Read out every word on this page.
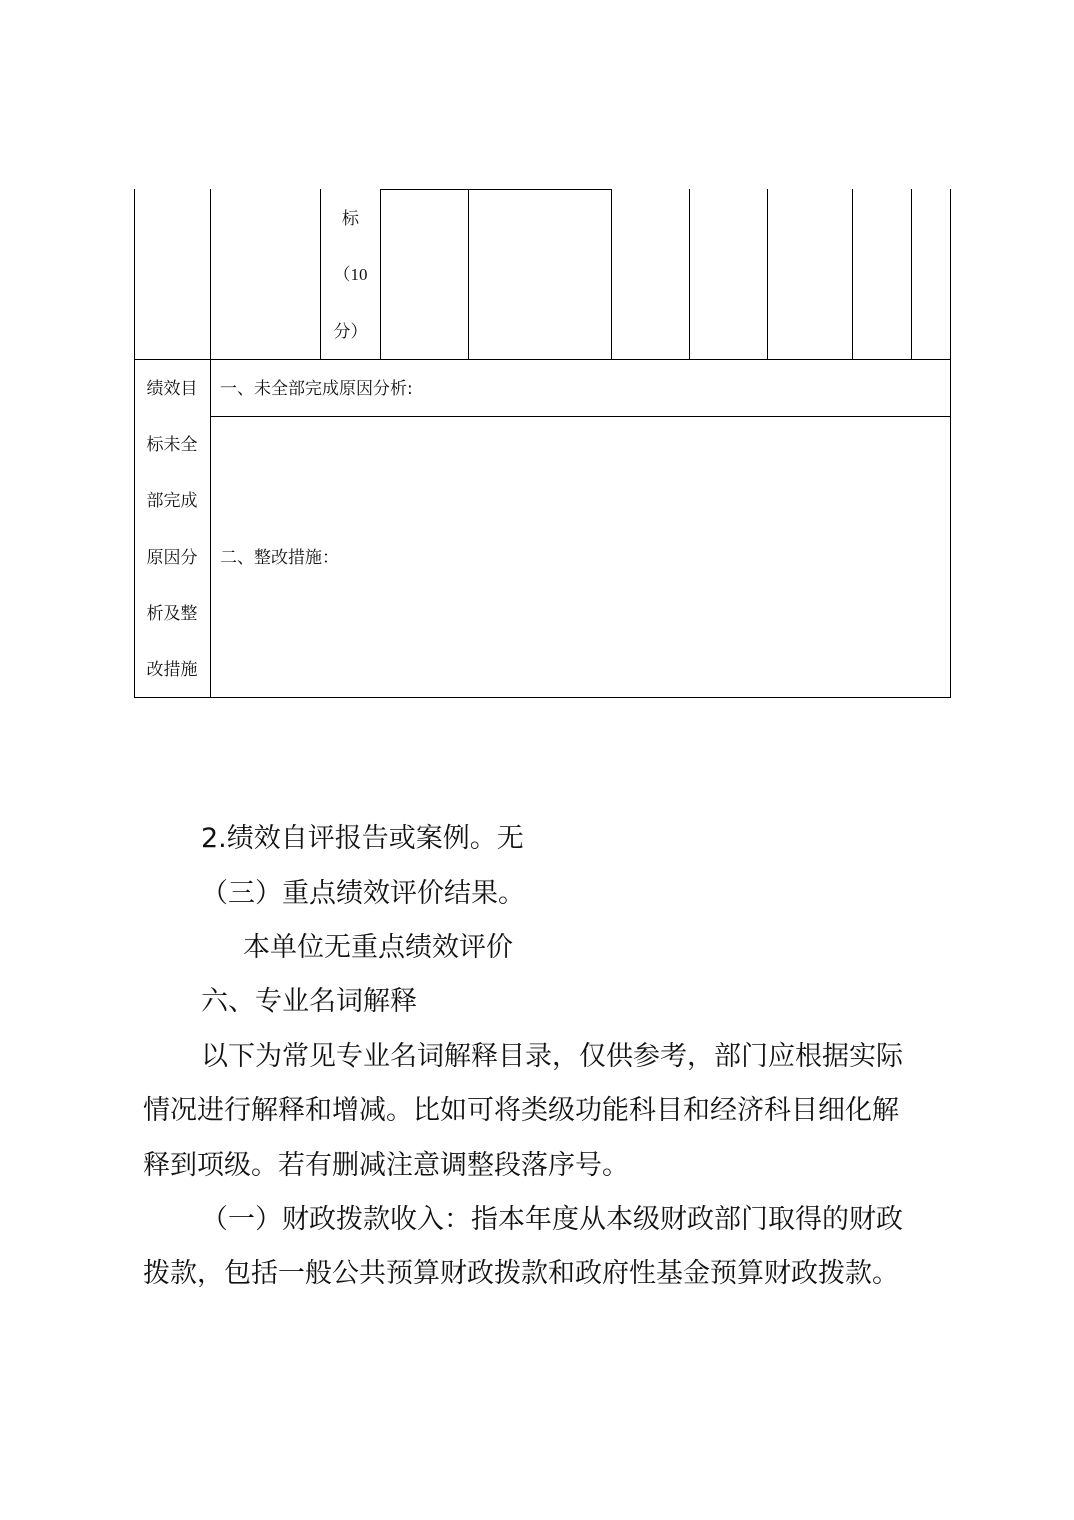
标
（10
分）
绩效目
标未全
部完成
原因分
析及整
改措施
一、未全部完成原因分析:
二、整改措施：
2.绩效自评报告或案例。无
（三）重点绩效评价结果。
本单位无重点绩效评价
六、专业名词解释
以下为常见专业名词解释目录，仅供参考，部门应根据实际
情况进行解释和增减。比如可将类级功能科目和经济科目细化解
释到项级。若有删减注意调整段落序号。
（一）财政拨款收入：指本年度从本级财政部门取得的财政
拨款，包括一般公共预算财政拨款和政府性基金预算财政拨款。
